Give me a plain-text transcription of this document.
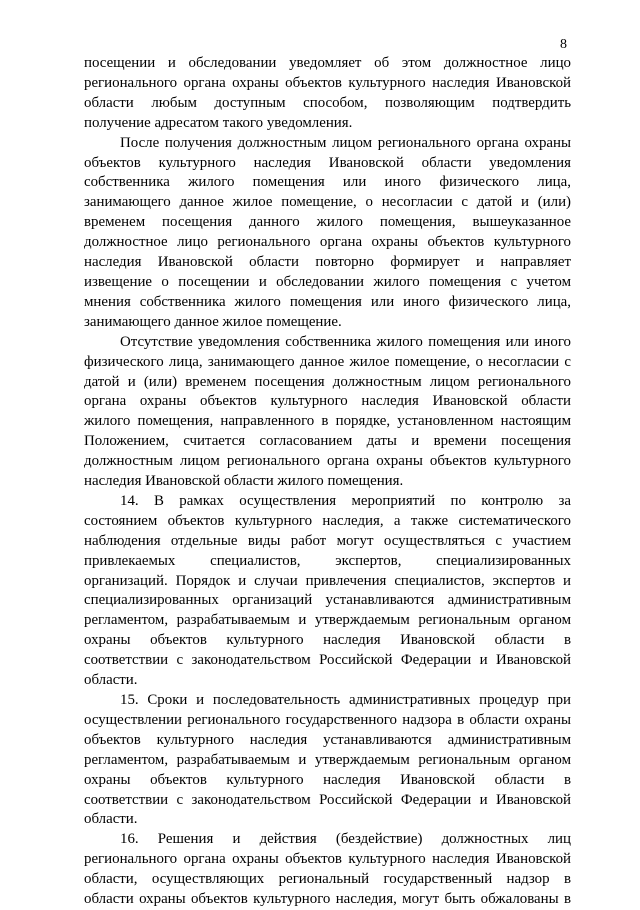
8
посещении и обследовании уведомляет об этом должностное лицо
регионального органа охраны объектов культурного наследия Ивановской
области любым доступным способом, позволяющим подтвердить
получение адресатом такого уведомления.
После получения должностным лицом регионального органа охраны
объектов культурного наследия Ивановской области уведомления
собственника жилого помещения или иного физического лица,
занимающего данное жилое помещение, о несогласии с датой и (или)
временем посещения данного жилого помещения, вышеуказанное
должностное лицо регионального органа охраны объектов культурного
наследия Ивановской области повторно формирует и направляет
извещение о посещении и обследовании жилого помещения с учетом
мнения собственника жилого помещения или иного физического лица,
занимающего данное жилое помещение.
Отсутствие уведомления собственника жилого помещения или иного
физического лица, занимающего данное жилое помещение, о несогласии с
датой и (или) временем посещения должностным лицом регионального
органа охраны объектов культурного наследия Ивановской области
жилого помещения, направленного в порядке, установленном настоящим
Положением, считается согласованием даты и времени посещения
должностным лицом регионального органа охраны объектов культурного
наследия Ивановской области жилого помещения.
14. В рамках осуществления мероприятий по контролю за
состоянием объектов культурного наследия, а также систематического
наблюдения отдельные виды работ могут осуществляться с участием
привлекаемых специалистов, экспертов, специализированных
организаций. Порядок и случаи привлечения специалистов, экспертов и
специализированных организаций устанавливаются административным
регламентом, разрабатываемым и утверждаемым региональным органом
охраны объектов культурного наследия Ивановской области в
соответствии с законодательством Российской Федерации и Ивановской
области.
15. Сроки и последовательность административных процедур при
осуществлении регионального государственного надзора в области охраны
объектов культурного наследия устанавливаются административным
регламентом, разрабатываемым и утверждаемым региональным органом
охраны объектов культурного наследия Ивановской области в
соответствии с законодательством Российской Федерации и Ивановской
области.
16. Решения и действия (бездействие) должностных лиц
регионального органа охраны объектов культурного наследия Ивановской
области, осуществляющих региональный государственный надзор в
области охраны объектов культурного наследия, могут быть обжалованы в
